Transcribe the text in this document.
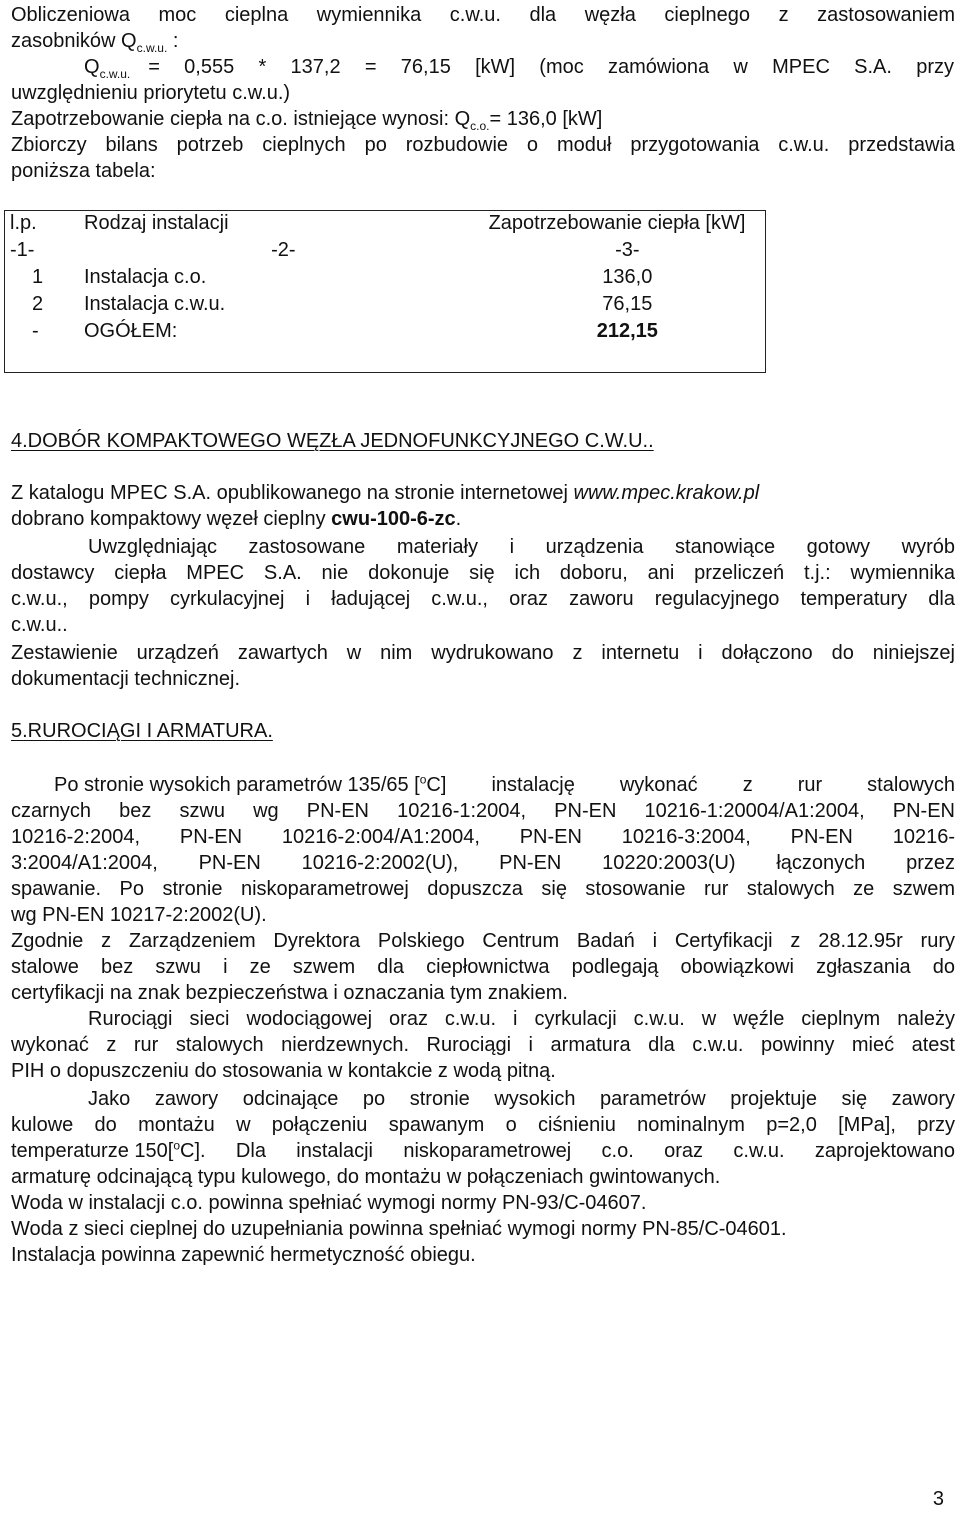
Obliczeniowa moc cieplna wymiennika c.w.u. dla węzła cieplnego z zastosowaniem
zasobników $Q_{c.w.u.}$ :
$Q_{c.w.u.} = 0,555 * 137,2 = 76,15$ [kW] (moc zamówiona w MPEC S.A. przy
uwzględnieniu priorytetu c.w.u.)
Zapotrzebowanie ciepła na c.o. istniejące wynosi: $Q_{c.o.}= 136,0$ [kW]
Zbiorczy bilans potrzeb cieplnych po rozbudowie o moduł przygotowania c.w.u. przedstawia
poniższa tabela:
l.p.	Rodzaj instalacji	Zapotrzebowanie ciepła [kW]
-1-	-2-	-3-
1	Instalacja c.o.	136,0
2	Instalacja c.w.u.	76,15
-	OGÓŁEM:	212,15
4.DOBÓR KOMPAKTOWEGO WĘZŁA JEDNOFUNKCYJNEGO C.W.U..
Z katalogu MPEC S.A. opublikowanego na stronie internetowej www.mpec.krakow.pl
dobrano kompaktowy węzeł cieplny cwu-100-6-zc.
Uwzględniając zastosowane materiały i urządzenia stanowiące gotowy wyrób
dostawcy ciepła MPEC S.A. nie dokonuje się ich doboru, ani przeliczeń t.j.: wymiennika
c.w.u., pompy cyrkulacyjnej i ładującej c.w.u., oraz zaworu regulacyjnego temperatury dla
c.w.u..
Zestawienie urządzeń zawartych w nim wydrukowano z internetu i dołączono do niniejszej
dokumentacji technicznej.
5.RUROCIĄGI I ARMATURA.
Po stronie wysokich parametrów 135/65 [$^o$ C] instalację wykonać z rur stalowych
czarnych bez szwu wg PN-EN 10216-1:2004, PN-EN 10216-1:20004/A1:2004, PN-EN
10216-2:2004, PN-EN 10216-2:004/A1:2004, PN-EN 10216-3:2004, PN-EN 10216-
3:2004/A1:2004, PN-EN 10216-2:2002(U), PN-EN 10220:2003(U) łączonych przez
spawanie. Po stronie niskoparametrowej dopuszcza się stosowanie rur stalowych ze szwem
wg PN-EN 10217-2:2002(U).
Zgodnie z Zarządzeniem Dyrektora Polskiego Centrum Badań i Certyfikacji z 28.12.95r rury
stalowe bez szwu i ze szwem dla ciepłownictwa podlegają obowiązkowi zgłaszania do
certyfikacji na znak bezpieczeństwa i oznaczania tym znakiem.
Rurociągi sieci wodociągowej oraz c.w.u. i cyrkulacji c.w.u. w węźle cieplnym należy
wykonać z rur stalowych nierdzewnych. Rurociągi i armatura dla c.w.u. powinny mieć atest
PIH o dopuszczeniu do stosowania w kontakcie z wodą pitną.
Jako zawory odcinające po stronie wysokich parametrów projektuje się zawory
kulowe do montażu w połączeniu spawanym o ciśnieniu nominalnym p=2,0 [MPa], przy
temperaturze 150[$^o$ C]. Dla instalacji niskoparametrowej c.o. oraz c.w.u. zaprojektowano
armaturę odcinającą typu kulowego, do montażu w połączeniach gwintowanych.
Woda w instalacji c.o. powinna spełniać wymogi normy PN-93/C-04607.
Woda z sieci cieplnej do uzupełniania powinna spełniać wymogi normy PN-85/C-04601.
Instalacja powinna zapewnić hermetyczność obiegu.
3
